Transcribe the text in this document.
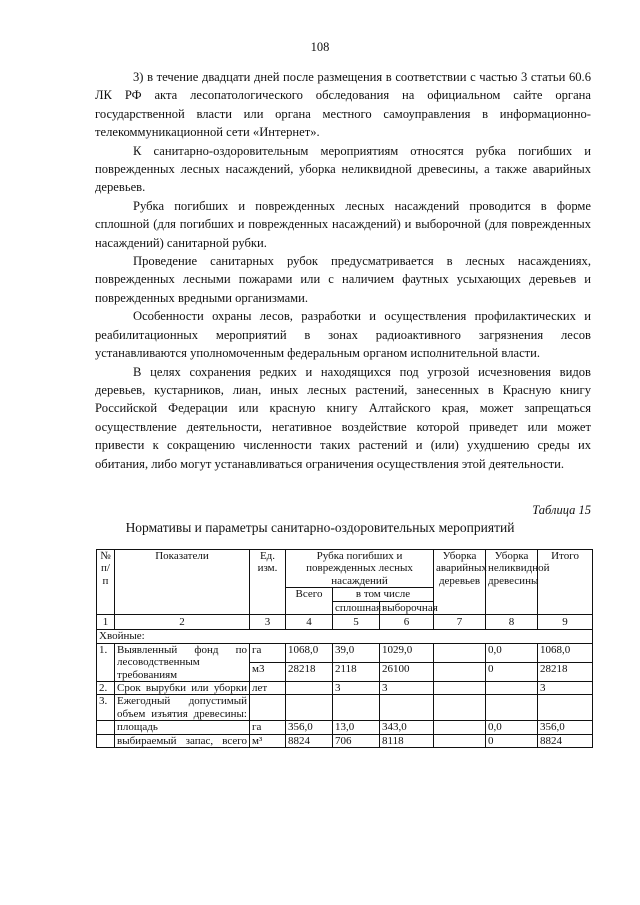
108

3) в течение двадцати дней после размещения в соответствии с частью 3 статьи 60.6 ЛК РФ акта лесопатологического обследования на официальном сайте органа государственной власти или органа местного самоуправления в информационно-телекоммуникационной сети «Интернет».

К санитарно-оздоровительным мероприятиям относятся рубка погибших и поврежденных лесных насаждений, уборка неликвидной древесины, а также аварийных деревьев.

Рубка погибших и поврежденных лесных насаждений проводится в форме сплошной (для погибших и поврежденных насаждений) и выборочной (для поврежденных насаждений) санитарной рубки.

Проведение санитарных рубок предусматривается в лесных насаждениях, поврежденных лесными пожарами или с наличием фаутных усыхающих деревьев и поврежденных вредными организмами.

Особенности охраны лесов, разработки и осуществления профилактических и реабилитационных мероприятий в зонах радиоактивного загрязнения лесов устанавливаются уполномоченным федеральным органом исполнительной власти.

В целях сохранения редких и находящихся под угрозой исчезновения видов деревьев, кустарников, лиан, иных лесных растений, занесенных в Красную книгу Российской Федерации или красную книгу Алтайского края, может запрещаться осуществление деятельности, негативное воздействие которой приведет или может привести к сокращению численности таких растений и (или) ухудшению среды их обитания, либо могут устанавливаться ограничения осуществления этой деятельности.

Таблица 15
Нормативы и параметры санитарно-оздоровительных мероприятий
№ п/п	Показатели	Ед. изм.	Рубка погибших и поврежденных лесных насаждений			Уборка аварийных деревьев	Уборка неликвидной древесины	Итого
			Всего	в том числе				
				сплошная	выборочная			
1	2	3	4	5	6	7	8	9
Хвойные:								
1.	Выявленный фонд по лесоводственным требованиям	га	1068,0	39,0	1029,0		0,0	1068,0
		м3	28218	2118	26100		0	28218
2.	Срок вырубки или уборки	лет		3	3			3
3.	Ежегодный допустимый объем изъятия древесины:							
	площадь	га	356,0	13,0	343,0		0,0	356,0
	выбираемый запас, всего	м³	8824	706	8118		0	8824
